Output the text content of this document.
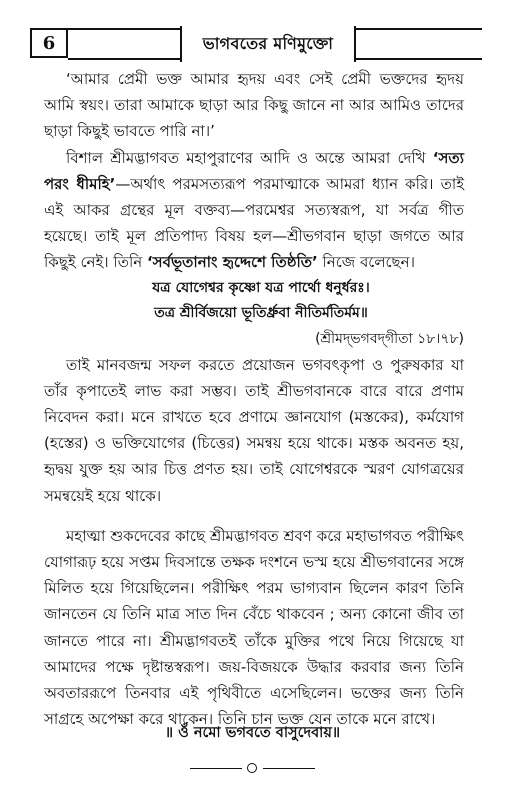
6	ভাগবতের মণিমুক্তো

‘আমার প্রেমী ভক্ত আমার হৃদয় এবং সেই প্রেমী ভক্তদের হৃদয় আমি স্বয়ং। তারা আমাকে ছাড়া আর কিছু জানে না আর আমিও তাদের ছাড়া কিছুই ভাবতে পারি না।’

বিশাল শ্রীমদ্ভাগবত মহাপুরাণের আদি ও অন্তে আমরা দেখি ‘সত্য পরং ধীমহি’—অর্থাৎ পরমসত্যরূপ পরমাত্মাকে আমরা ধ্যান করি। তাই এই আকর গ্রন্থের মূল বক্তব্য—পরমেশ্বর সত্যস্বরূপ, যা সর্বত্র গীত হয়েছে। তাই মূল প্রতিপাদ্য বিষয় হল—শ্রীভগবান ছাড়া জগতে আর কিছুই নেই। তিনি ‘সর্বভূতানাং হৃদ্দেশে তিষ্ঠতি’ নিজে বলেছেন।

যত্র যোগেশ্বর কৃষ্ণো যত্র পার্থো ধনুর্ধরঃ।

তত্র শ্রীর্বিজয়ো ভূতির্ধ্রুবা নীতির্মতির্মম॥

(শ্রীমদ্‌ভগবদ্‌গীতা ১৮।৭৮)

তাই মানবজন্ম সফল করতে প্রয়োজন ভগবৎকৃপা ও পুরুষকার যা তাঁর কৃপাতেই লাভ করা সম্ভব। তাই শ্রীভগবানকে বারে বারে প্রণাম নিবেদন করা। মনে রাখতে হবে প্রণামে জ্ঞানযোগ (মস্তকের), কর্মযোগ (হস্তের) ও ভক্তিযোগের (চিত্তের) সমন্বয় হয়ে থাকে। মস্তক অবনত হয়, হৃদ্বয় যুক্ত হয় আর চিত্ত প্রণত হয়। তাই যোগেশ্বরকে স্মরণ যোগত্রয়ের সমন্বয়েই হয়ে থাকে।

মহাত্মা শুকদেবের কাছে শ্রীমদ্ভাগবত শ্রবণ করে মহাভাগবত পরীক্ষিৎ যোগারূঢ় হয়ে সপ্তম দিবসান্তে তক্ষক দংশনে ভস্ম হয়ে শ্রীভগবানের সঙ্গে মিলিত হয়ে গিয়েছিলেন। পরীক্ষিৎ পরম ভাগ্যবান ছিলেন কারণ তিনি জানতেন যে তিনি মাত্র সাত দিন বেঁচে থাকবেন ; অন্য কোনো জীব তা জানতে পারে না। শ্রীমদ্ভাগবতই তাঁকে মুক্তির পথে নিয়ে গিয়েছে যা আমাদের পক্ষে দৃষ্টান্তস্বরূপ। জয়-বিজয়কে উদ্ধার করবার জন্য তিনি অবতাররূপে তিনবার এই পৃথিবীতে এসেছিলেন। ভক্তের জন্য তিনি সাগ্রহে অপেক্ষা করে থাকেন। তিনি চান ভক্ত যেন তাকে মনে রাখে।

॥ ওঁ নমো ভগবতে বাসুদেবায়॥
